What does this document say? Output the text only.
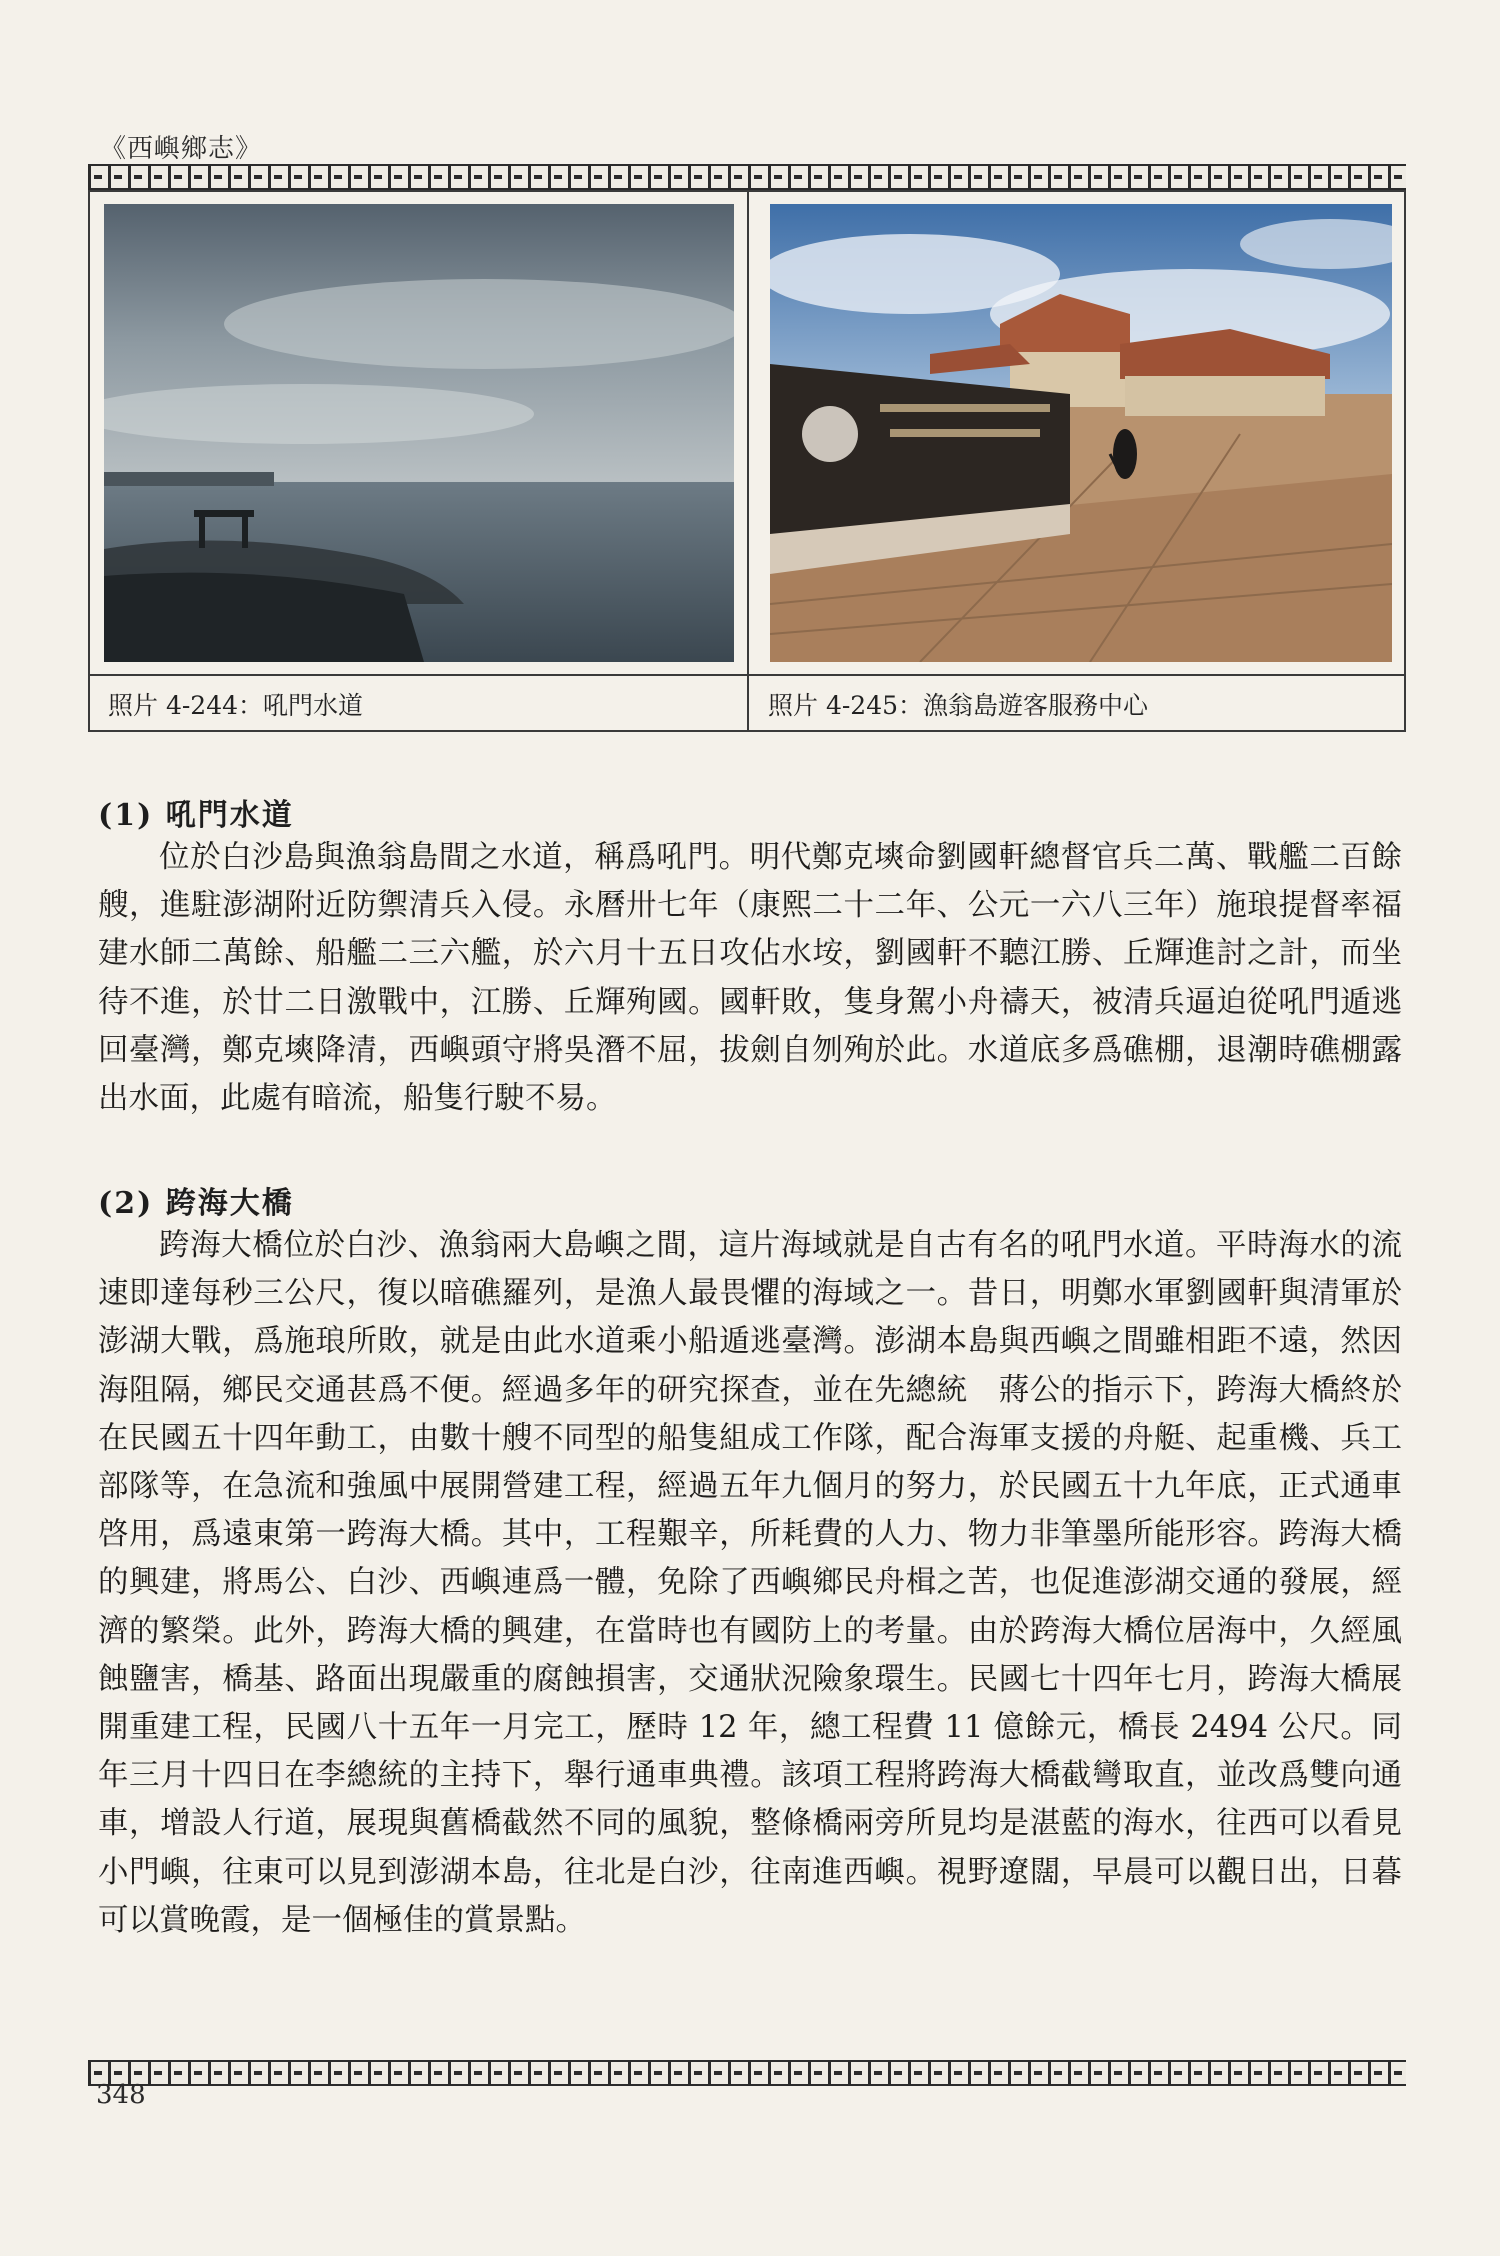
《西嶼鄉志》
照片 4-244：吼門水道	照片 4-245：漁翁島遊客服務中心
(1) 吼門水道

位於白沙島與漁翁島間之水道，稱爲吼門。明代鄭克塽命劉國軒總督官兵二萬、戰艦二百餘艘，進駐澎湖附近防禦清兵入侵。永曆卅七年（康熙二十二年、公元一六八三年）施琅提督率福建水師二萬餘、船艦二三六艦，於六月十五日攻佔水垵，劉國軒不聽江勝、丘輝進討之計，而坐待不進，於廿二日激戰中，江勝、丘輝殉國。國軒敗，隻身駕小舟禱天，被清兵逼迫從吼門遁逃回臺灣，鄭克塽降清，西嶼頭守將吳潛不屈，拔劍自刎殉於此。水道底多爲礁棚，退潮時礁棚露出水面，此處有暗流，船隻行駛不易。

(2) 跨海大橋

跨海大橋位於白沙、漁翁兩大島嶼之間，這片海域就是自古有名的吼門水道。平時海水的流速即達每秒三公尺，復以暗礁羅列，是漁人最畏懼的海域之一。昔日，明鄭水軍劉國軒與清軍於澎湖大戰，爲施琅所敗，就是由此水道乘小船遁逃臺灣。澎湖本島與西嶼之間雖相距不遠，然因海阻隔，鄉民交通甚爲不便。經過多年的研究探查，並在先總統　蔣公的指示下，跨海大橋終於在民國五十四年動工，由數十艘不同型的船隻組成工作隊，配合海軍支援的舟艇、起重機、兵工部隊等，在急流和強風中展開營建工程，經過五年九個月的努力，於民國五十九年底，正式通車啓用，爲遠東第一跨海大橋。其中，工程艱辛，所耗費的人力、物力非筆墨所能形容。跨海大橋的興建，將馬公、白沙、西嶼連爲一體，免除了西嶼鄉民舟楫之苦，也促進澎湖交通的發展，經濟的繁榮。此外，跨海大橋的興建，在當時也有國防上的考量。由於跨海大橋位居海中，久經風蝕鹽害，橋基、路面出現嚴重的腐蝕損害，交通狀況險象環生。民國七十四年七月，跨海大橋展開重建工程，民國八十五年一月完工，歷時 12 年，總工程費 11 億餘元，橋長 2494 公尺。同年三月十四日在李總統的主持下，舉行通車典禮。該項工程將跨海大橋截彎取直，並改爲雙向通車，增設人行道，展現與舊橋截然不同的風貌，整條橋兩旁所見均是湛藍的海水，往西可以看見小門嶼，往東可以見到澎湖本島，往北是白沙，往南進西嶼。視野遼闊，早晨可以觀日出，日暮可以賞晚霞，是一個極佳的賞景點。

348
